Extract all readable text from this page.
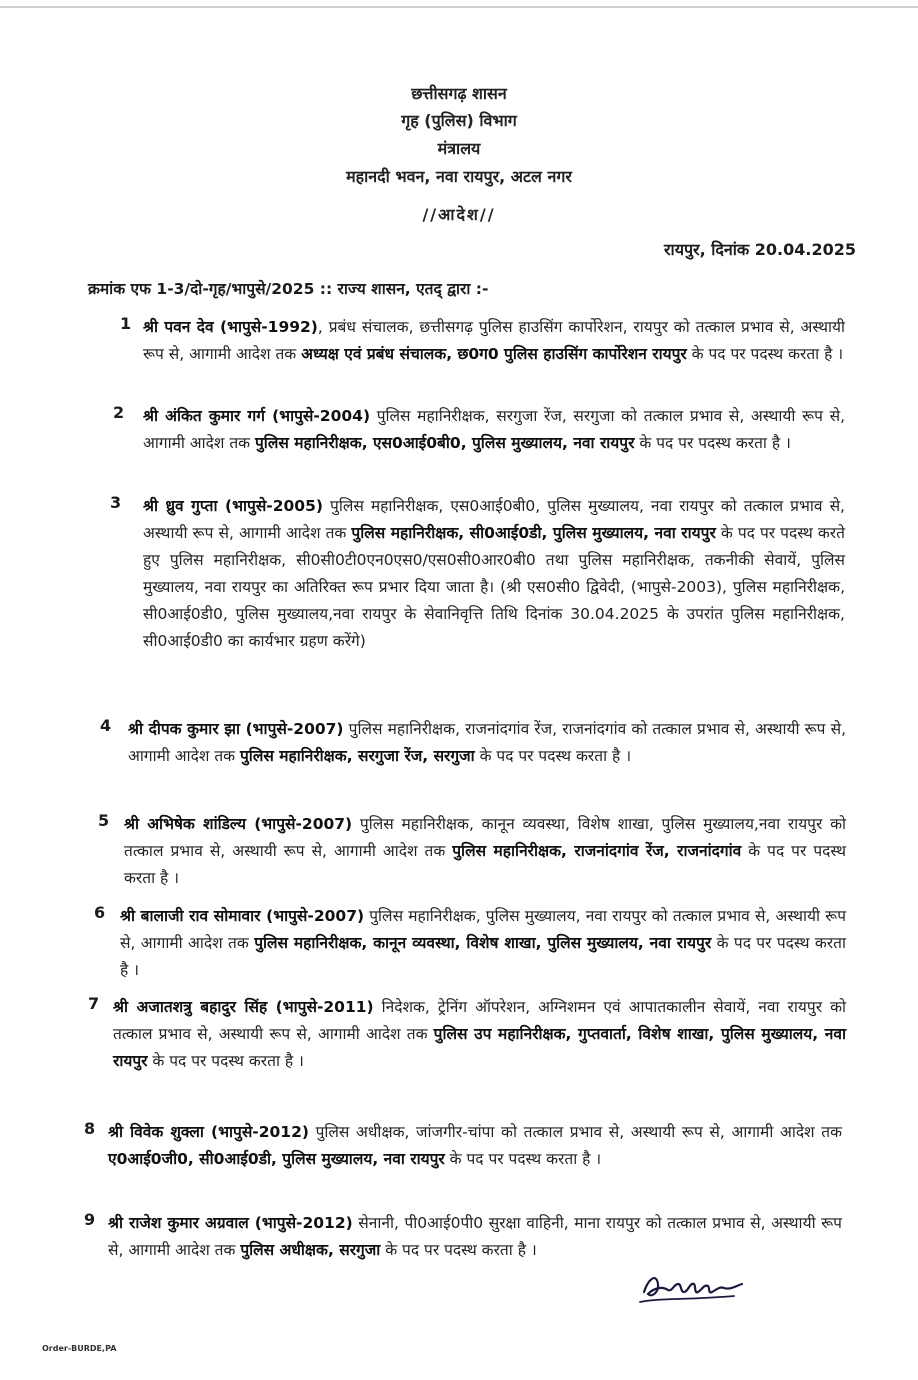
छत्तीसगढ़ शासन
गृह (पुलिस) विभाग
मंत्रालय
महानदी भवन, नवा रायपुर, अटल नगर
//आदेश//
रायपुर, दिनांक 20.04.2025
क्रमांक एफ 1-3/दो-गृह/भापुसे/2025 :: राज्य शासन, एतद् द्वारा :-
1 श्री पवन देव (भापुसे-1992), प्रबंध संचालक, छत्तीसगढ़ पुलिस हाउसिंग कार्पोरेशन, रायपुर को तत्काल प्रभाव से, अस्थायी रूप से, आगामी आदेश तक अध्यक्ष एवं प्रबंध संचालक, छ0ग0 पुलिस हाउसिंग कार्पोरेशन रायपुर के पद पर पदस्थ करता है ।
2 श्री अंकित कुमार गर्ग (भापुसे-2004) पुलिस महानिरीक्षक, सरगुजा रेंज, सरगुजा को तत्काल प्रभाव से, अस्थायी रूप से, आगामी आदेश तक पुलिस महानिरीक्षक, एस0आई0बी0, पुलिस मुख्यालय, नवा रायपुर के पद पर पदस्थ करता है ।
3 श्री ध्रुव गुप्ता (भापुसे-2005) पुलिस महानिरीक्षक, एस0आई0बी0, पुलिस मुख्यालय, नवा रायपुर को तत्काल प्रभाव से, अस्थायी रूप से, आगामी आदेश तक पुलिस महानिरीक्षक, सी0आई0डी, पुलिस मुख्यालय, नवा रायपुर के पद पर पदस्थ करते हुए पुलिस महानिरीक्षक, सी0सी0टी0एन0एस0/एस0सी0आर0बी0 तथा पुलिस महानिरीक्षक, तकनीकी सेवायें, पुलिस मुख्यालय, नवा रायपुर का अतिरिक्त रूप प्रभार दिया जाता है। (श्री एस0सी0 द्विवेदी, (भापुसे-2003), पुलिस महानिरीक्षक, सी0आई0डी0, पुलिस मुख्यालय,नवा रायपुर के सेवानिवृत्ति तिथि दिनांक 30.04.2025 के उपरांत पुलिस महानिरीक्षक, सी0आई0डी0 का कार्यभार ग्रहण करेंगे)
4 श्री दीपक कुमार झा (भापुसे-2007) पुलिस महानिरीक्षक, राजनांदगांव रेंज, राजनांदगांव को तत्काल प्रभाव से, अस्थायी रूप से, आगामी आदेश तक पुलिस महानिरीक्षक, सरगुजा रेंज, सरगुजा के पद पर पदस्थ करता है ।
5 श्री अभिषेक शांडिल्य (भापुसे-2007) पुलिस महानिरीक्षक, कानून व्यवस्था, विशेष शाखा, पुलिस मुख्यालय,नवा रायपुर को तत्काल प्रभाव से, अस्थायी रूप से, आगामी आदेश तक पुलिस महानिरीक्षक, राजनांदगांव रेंज, राजनांदगांव के पद पर पदस्थ करता है ।
6 श्री बालाजी राव सोमावार (भापुसे-2007) पुलिस महानिरीक्षक, पुलिस मुख्यालय, नवा रायपुर को तत्काल प्रभाव से, अस्थायी रूप से, आगामी आदेश तक पुलिस महानिरीक्षक, कानून व्यवस्था, विशेष शाखा, पुलिस मुख्यालय, नवा रायपुर के पद पर पदस्थ करता है ।
7 श्री अजातशत्रु बहादुर सिंह (भापुसे-2011) निदेशक, ट्रेनिंग ऑपरेशन, अग्निशमन एवं आपातकालीन सेवायें, नवा रायपुर को तत्काल प्रभाव से, अस्थायी रूप से, आगामी आदेश तक पुलिस उप महानिरीक्षक, गुप्तवार्ता, विशेष शाखा, पुलिस मुख्यालय, नवा रायपुर के पद पर पदस्थ करता है ।
8 श्री विवेक शुक्ला (भापुसे-2012) पुलिस अधीक्षक, जांजगीर-चांपा को तत्काल प्रभाव से, अस्थायी रूप से, आगामी आदेश तक ए0आई0जी0, सी0आई0डी, पुलिस मुख्यालय, नवा रायपुर के पद पर पदस्थ करता है ।
9 श्री राजेश कुमार अग्रवाल (भापुसे-2012) सेनानी, पी0आई0पी0 सुरक्षा वाहिनी, माना रायपुर को तत्काल प्रभाव से, अस्थायी रूप से, आगामी आदेश तक पुलिस अधीक्षक, सरगुजा के पद पर पदस्थ करता है ।
Order-BURDE,PA
